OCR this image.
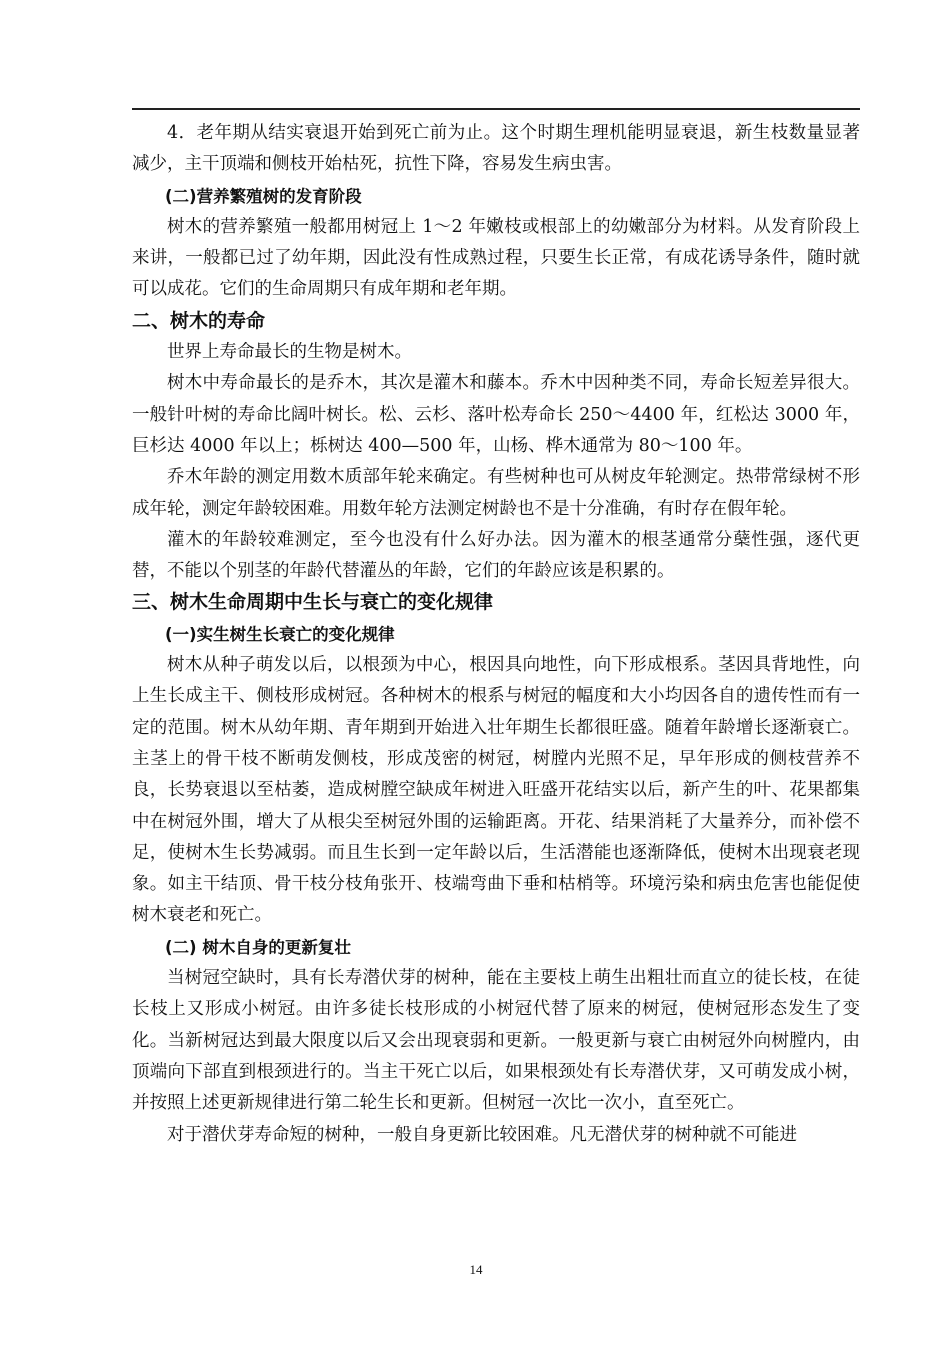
4．老年期从结实衰退开始到死亡前为止。这个时期生理机能明显衰退，新生枝数量显著减少，主干顶端和侧枝开始枯死，抗性下降，容易发生病虫害。

(二)营养繁殖树的发育阶段

树木的营养繁殖一般都用树冠上 1～2 年嫩枝或根部上的幼嫩部分为材料。从发育阶段上来讲，一般都已过了幼年期，因此没有性成熟过程，只要生长正常，有成花诱导条件，随时就可以成花。它们的生命周期只有成年期和老年期。

二、树木的寿命

世界上寿命最长的生物是树木。

树木中寿命最长的是乔木，其次是灌木和藤本。乔木中因种类不同，寿命长短差异很大。一般针叶树的寿命比阔叶树长。松、云杉、落叶松寿命长 250～4400 年，红松达 3000 年，巨杉达 4000 年以上；栎树达 400—500 年，山杨、桦木通常为 80～100 年。

乔木年龄的测定用数木质部年轮来确定。有些树种也可从树皮年轮测定。热带常绿树不形成年轮，测定年龄较困难。用数年轮方法测定树龄也不是十分准确，有时存在假年轮。

灌木的年龄较难测定，至今也没有什么好办法。因为灌木的根茎通常分蘖性强，逐代更替，不能以个别茎的年龄代替灌丛的年龄，它们的年龄应该是积累的。

三、树木生命周期中生长与衰亡的变化规律

(一)实生树生长衰亡的变化规律

树木从种子萌发以后，以根颈为中心，根因具向地性，向下形成根系。茎因具背地性，向上生长成主干、侧枝形成树冠。各种树木的根系与树冠的幅度和大小均因各自的遗传性而有一定的范围。树木从幼年期、青年期到开始进入壮年期生长都很旺盛。随着年龄增长逐渐衰亡。主茎上的骨干枝不断萌发侧枝，形成茂密的树冠，树膛内光照不足，早年形成的侧枝营养不良，长势衰退以至枯萎，造成树膛空缺成年树进入旺盛开花结实以后，新产生的叶、花果都集中在树冠外围，增大了从根尖至树冠外围的运输距离。开花、结果消耗了大量养分，而补偿不足，使树木生长势减弱。而且生长到一定年龄以后，生活潜能也逐渐降低，使树木出现衰老现象。如主干结顶、骨干枝分枝角张开、枝端弯曲下垂和枯梢等。环境污染和病虫危害也能促使树木衰老和死亡。

(二) 树木自身的更新复壮

当树冠空缺时，具有长寿潜伏芽的树种，能在主要枝上萌生出粗壮而直立的徒长枝，在徒长枝上又形成小树冠。由许多徒长枝形成的小树冠代替了原来的树冠，使树冠形态发生了变化。当新树冠达到最大限度以后又会出现衰弱和更新。一般更新与衰亡由树冠外向树膛内，由顶端向下部直到根颈进行的。当主干死亡以后，如果根颈处有长寿潜伏芽，又可萌发成小树，并按照上述更新规律进行第二轮生长和更新。但树冠一次比一次小，直至死亡。

对于潜伏芽寿命短的树种，一般自身更新比较困难。凡无潜伏芽的树种就不可能进

14
